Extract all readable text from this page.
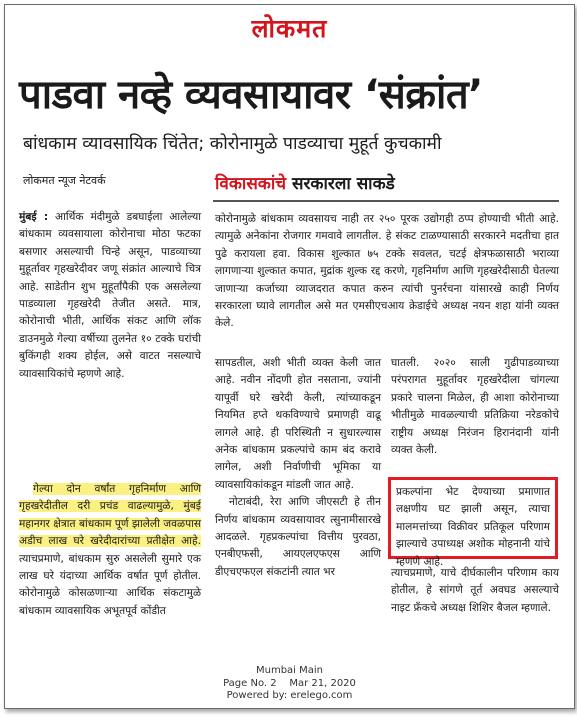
लोकमत
पाडवा नव्हे व्यवसायावर ‘संक्रांत’
बांधकाम व्यावसायिक चिंतेत; कोरोनामुळे पाडव्याचा मुहूर्त कुचकामी
लोकमत न्यूज नेटवर्क	विकासकांचे सरकारला साकडे

मुंबई : आर्थिक मंदीमुळे डबघाईला आलेल्या बांधकाम व्यवसायाला कोरोनाचा मोठा फटका बसणार असल्याची चिन्हे असून, पाडव्याच्या मुहूर्तावर गृहखरेदीवर जणू संक्रांत आल्याचे चित्र आहे. साडेतीन शुभ मुहूर्तांपैकी एक असलेल्या पाडव्याला गृहखरेदी तेजीत असते. मात्र, कोरोनाची भीती, आर्थिक संकट आणि लॉक डाउनमुळे गेल्या वर्षीच्या तुलनेत १० टक्के घरांची बुकिंगही शक्य होईल, असे वाटत नसल्याचे व्यावसायिकांचे म्हणणे आहे.

गेल्या दोन वर्षांत गृहनिर्माण आणि गृहखरेदीतील दरी प्रचंड वाढल्यामुळे, मुंबई महानगर क्षेत्रात बांधकाम पूर्ण झालेली जवळपास अडीच लाख घरे खरेदीदारांच्या प्रतीक्षेत आहे. त्याचप्रमाणे, बांधकाम सुरु असलेली सुमारे एक लाख घरे यंदाच्या आर्थिक वर्षात पूर्ण होतील. कोरोनामुळे कोसळणाऱ्या आर्थिक संकटामुळे बांधकाम व्यावसायिक अभूतपूर्व कोंडीत

कोरोनामुळे बांधकाम व्यवसायच नाही तर २५० पूरक उद्योगही ठप्प होण्याची भीती आहे. त्यामुळे अनेकांना रोजगार गमवावे लागतील. हे संकट टाळण्यासाठी सरकारने मदतीचा हात पुढे करायला हवा. विकास शुल्कात ७५ टक्के सवलत, चटई क्षेत्रफळासाठी भराव्या लागणाऱ्या शुल्कात कपात, मुद्रांक शुल्क रद्द करणे, गृहनिर्माण आणि गृहखरेदीसाठी घेतल्या जाणाऱ्या कर्जाच्या व्याजदरात कपात करुन त्यांची पुनर्रचना यांसारखे काही निर्णय सरकारला घ्यावे लागतील असे मत एमसीएचआय क्रेडाईचे अध्यक्ष नयन शहा यांनी व्यक्त केले.

सापडतील, अशी भीती व्यक्त केली जात आहे. नवीन नोंदणी होत नसताना, ज्यांनी यापूर्वी घरे खरेदी केली, त्यांच्याकडून नियमित हप्ते थकविण्याचे प्रमाणही वाढू लागले आहे. ही परिस्थिती न सुधारल्यास अनेक बांधकाम प्रकल्पांचे काम बंद करावे लागेल, अशी निर्वाणीची भूमिका या व्यावसायिकांकडून मांडली जात आहे.

नोटाबंदी, रेरा आणि जीएसटी हे तीन निर्णय बांधकाम व्यवसायावर त्सुनामीसारखे आदळले. गृहप्रकल्पांचा वित्तीय पुरवठा, एनबीएफसी, आयएलएफएस आणि डीएचएफएल संकटांनी त्यात भर

घातली. २०२० साली गुढीपाडव्याच्या परंपरागत मुहूर्तावर गृहखरेदीला चांगल्या प्रकारे चालना मिळेल, ही आशा कोरोनाच्या भीतीमुळे मावळल्याची प्रतिक्रिया नरेडकोचे राष्ट्रीय अध्यक्ष निरंजन हिरानंदानी यांनी व्यक्त केली.

प्रकल्पांना भेट देण्याच्या प्रमाणात लक्षणीय घट झाली असून, त्याचा मालमत्तांच्या विक्रीवर प्रतिकूल परिणाम झाल्याचे उपाध्यक्ष अशोक मोहनानी यांचे म्हणणे आहे.

त्याचप्रमाणे, याचे दीर्घकालीन परिणाम काय होतील, हे सांगणे तूर्त अवघड असल्याचे नाइट फ्रँकचे अध्यक्ष शिशिर बैजल म्हणाले.

Mumbai Main
Page No. 2    Mar 21, 2020
Powered by: erelego.com
